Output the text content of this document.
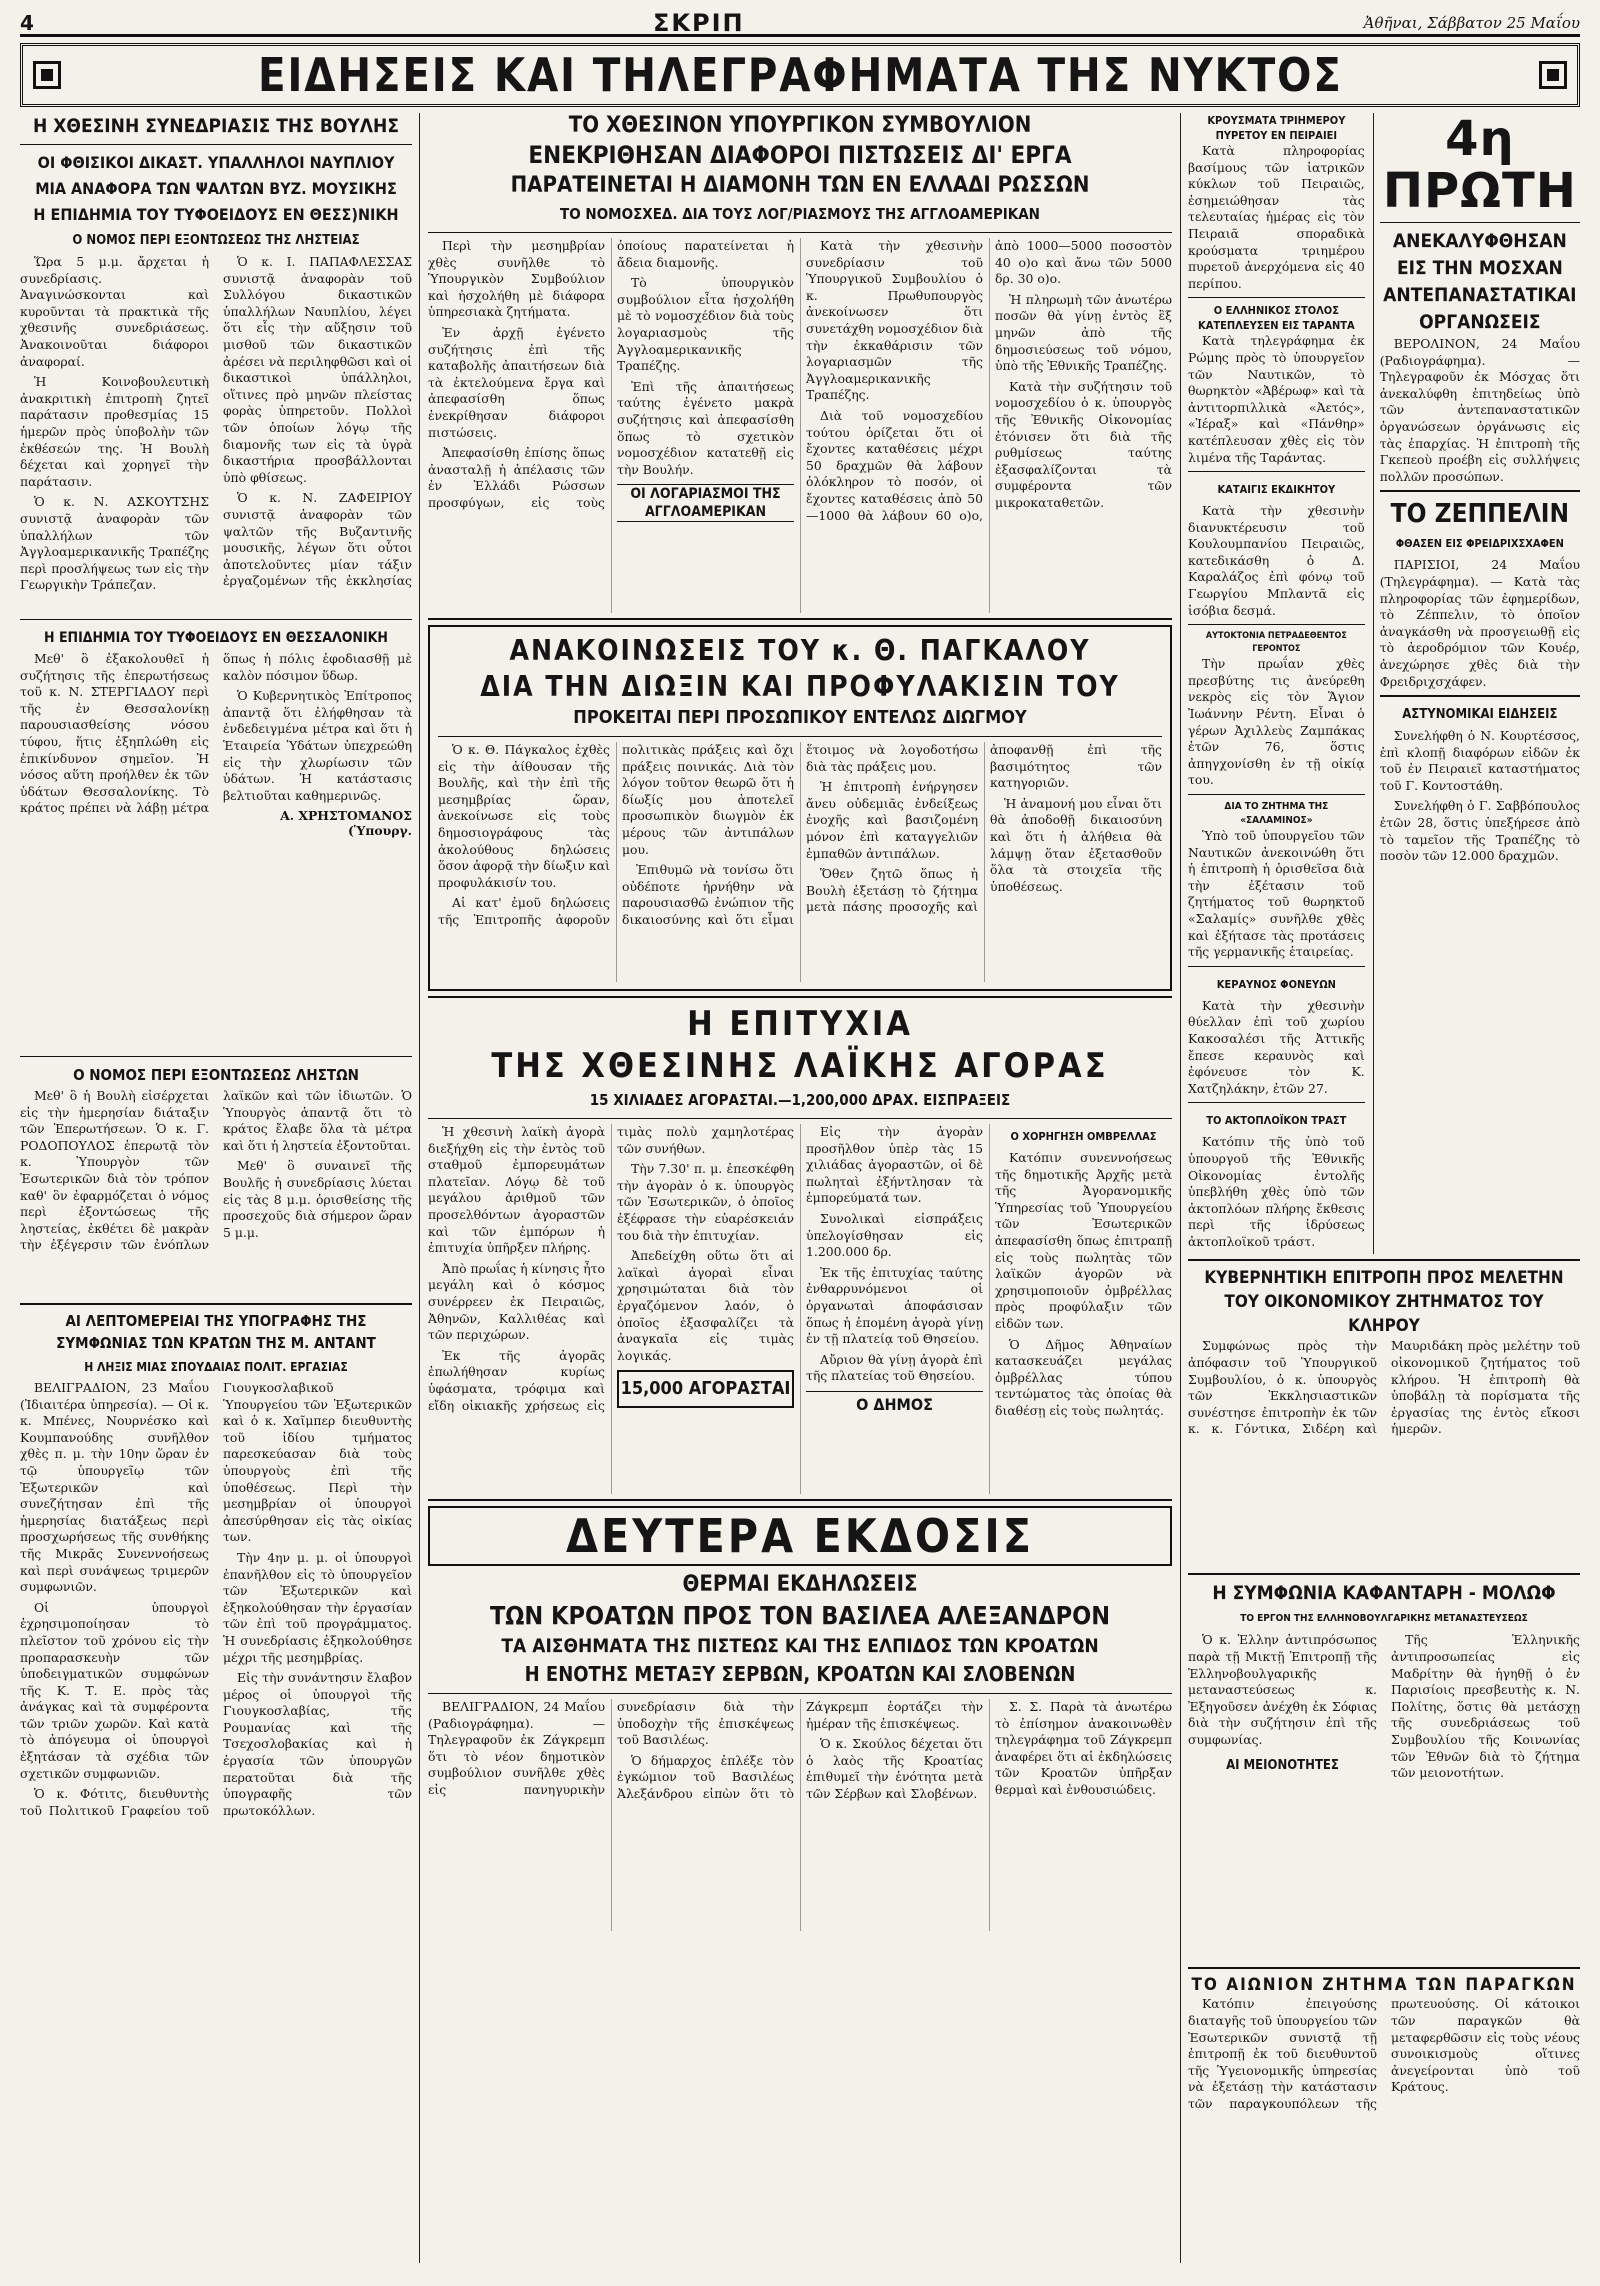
4	ΣΚΡΙΠ	Ἀθῆναι, Σάββατον 25 Μαΐου
ΕΙΔΗΣΕΙΣ ΚΑΙ ΤΗΛΕΓΡΑΦΗΜΑΤΑ ΤΗΣ ΝΥΚΤΟΣ
Η ΧΘΕΣΙΝΗ ΣΥΝΕΔΡΙΑΣΙΣ ΤΗΣ ΒΟΥΛΗΣ
ΟΙ ΦΘΙΣΙΚΟΙ ΔΙΚΑΣΤ. ΥΠΑΛΛΗΛΟΙ ΝΑΥΠΛΙΟΥ
ΜΙΑ ΑΝΑΦΟΡΑ ΤΩΝ ΨΑΛΤΩΝ ΒΥΖ. ΜΟΥΣΙΚΗΣ
Η ΕΠΙΔΗΜΙΑ ΤΟΥ ΤΥΦΟΕΙΔΟΥΣ ΕΝ ΘΕΣΣ)ΝΙΚΗ
Ο ΝΟΜΟΣ ΠΕΡΙ ΕΞΟΝΤΩΣΕΩΣ ΤΗΣ ΛΗΣΤΕΙΑΣ

Ὥρα 5 μ.μ. ἄρχεται ἡ συνεδρίασις. Ἀναγινώσκονται καὶ κυροῦνται τὰ πρακτικὰ τῆς χθεσινῆς συνεδριάσεως. Ἀνακοινοῦται διάφοροι ἀναφοραί.

Ἡ Κοινοβουλευτικὴ ἀνακριτικὴ ἐπιτροπὴ ζητεῖ παράτασιν προθεσμίας 15 ἡμερῶν πρὸς ὑποβολὴν τῶν ἐκθέσεών της. Ἡ Βουλὴ δέχεται καὶ χορηγεῖ τὴν παράτασιν.

Ὁ κ. Ν. ΑΣΚΟΥΤΣΗΣ συνιστᾷ ἀναφορὰν τῶν ὑπαλλήλων τῶν Ἀγγλοαμερικανικῆς Τραπέζης περὶ προσλήψεως των εἰς τὴν Γεωργικὴν Τράπεζαν.

Ὁ κ. Ι. ΠΑΠΑΦΛΕΣΣΑΣ συνιστᾷ ἀναφορὰν τοῦ Συλλόγου δικαστικῶν ὑπαλλήλων Ναυπλίου, λέγει ὅτι εἷς τὴν αὔξησιν τοῦ μισθοῦ τῶν δικαστικῶν ἀρέσει νὰ περιληφθῶσι καὶ οἱ δικαστικοὶ ὑπάλληλοι, οἵτινες πρὸ μηνῶν πλείστας φορὰς ὑπηρετοῦν. Πολλοὶ τῶν ὁποίων λόγῳ τῆς διαμονῆς των εἰς τὰ ὑγρὰ δικαστήρια προσβάλλονται ὑπὸ φθίσεως.

Ὁ κ. Ν. ΖΑΦΕΙΡΙΟΥ συνιστᾷ ἀναφορὰν τῶν ψαλτῶν τῆς Βυζαντινῆς μουσικῆς, λέγων ὅτι οὗτοι ἀποτελοῦντες μίαν τάξιν ἐργαζομένων τῆς ἐκκλησίας

Η ΕΠΙΔΗΜΙΑ ΤΟΥ ΤΥΦΟΕΙΔΟΥΣ ΕΝ ΘΕΣΣΑΛΟΝΙΚΗ

Μεθ' ὃ ἐξακολουθεῖ ἡ συζήτησις τῆς ἐπερωτήσεως τοῦ κ. Ν. ΣΤΕΡΓΙΑΔΟΥ περὶ τῆς ἐν Θεσσαλονίκῃ παρουσιασθείσης νόσου τύφου, ἥτις ἐξηπλώθη εἰς ἐπικίνδυνον σημεῖον. Ἡ νόσος αὕτη προήλθεν ἐκ τῶν ὑδάτων Θεσσαλονίκης. Τὸ κράτος πρέπει νὰ λάβῃ μέτρα ὅπως ἡ πόλις ἐφοδιασθῇ μὲ καλὸν πόσιμον ὕδωρ.

Ὁ Κυβερνητικὸς Ἐπίτροπος ἀπαντᾷ ὅτι ἐλήφθησαν τὰ ἐνδεδειγμένα μέτρα καὶ ὅτι ἡ Ἑταιρεία Ὑδάτων ὑπεχρεώθη εἰς τὴν χλωρίωσιν τῶν ὑδάτων. Ἡ κατάστασις βελτιοῦται καθημερινῶς.

Α. ΧΡΗΣΤΟΜΑΝΟΣ (Ὑπουργ.

Ο ΝΟΜΟΣ ΠΕΡΙ ΕΞΟΝΤΩΣΕΩΣ ΛΗΣΤΩΝ

Μεθ' ὃ ἡ Βουλὴ εἰσέρχεται εἰς τὴν ἡμερησίαν διάταξιν τῶν Ἐπερωτήσεων. Ὁ κ. Γ. ΡΟΔΟΠΟΥΛΟΣ ἐπερωτᾷ τὸν κ. Ὑπουργὸν τῶν Ἐσωτερικῶν διὰ τὸν τρόπον καθ' ὃν ἐφαρμόζεται ὁ νόμος περὶ ἐξοντώσεως τῆς ληστείας, ἐκθέτει δὲ μακρὰν τὴν ἐξέγερσιν τῶν ἐνόπλων λαϊκῶν καὶ τῶν ἰδιωτῶν. Ὁ Ὑπουργὸς ἀπαντᾷ ὅτι τὸ κράτος ἔλαβε ὅλα τὰ μέτρα καὶ ὅτι ἡ ληστεία ἐξοντοῦται.

Μεθ' ὃ συναινεῖ τῆς Βουλῆς ἡ συνεδρίασις λύεται εἰς τὰς 8 μ.μ. ὁρισθείσης τῆς προσεχοῦς διὰ σήμερον ὥραν 5 μ.μ.

ΑΙ ΛΕΠΤΟΜΕΡΕΙΑΙ ΤΗΣ ΥΠΟΓΡΑΦΗΣ ΤΗΣ ΣΥΜΦΩΝΙΑΣ ΤΩΝ ΚΡΑΤΩΝ ΤΗΣ Μ. ΑΝΤΑΝΤ
Η ΛΗΞΙΣ ΜΙΑΣ ΣΠΟΥΔΑΙΑΣ ΠΟΛΙΤ. ΕΡΓΑΣΙΑΣ

ΒΕΛΙΓΡΑΔΙΟΝ, 23 Μαΐου (Ἰδιαιτέρα ὑπηρεσία). — Οἱ κ. κ. Μπένες, Νουρνέσκο καὶ Κουμπανούδης συνῆλθον χθὲς π. μ. τὴν 10ην ὥραν ἐν τῷ ὑπουργεῖῳ τῶν Ἐξωτερικῶν καὶ συνεζήτησαν ἐπὶ τῆς ἡμερησίας διατάξεως περὶ προσχωρήσεως τῆς συνθήκης τῆς Μικρᾶς Συνεννοήσεως καὶ περὶ συνάψεως τριμερῶν συμφωνιῶν.

Οἱ ὑπουργοὶ ἐχρησιμοποίησαν τὸ πλεῖστον τοῦ χρόνου εἰς τὴν προπαρασκευὴν τῶν ὑποδειγματικῶν συμφώνων τῆς Κ. Τ. Ε. πρὸς τὰς ἀνάγκας καὶ τὰ συμφέροντα τῶν τριῶν χωρῶν. Καὶ κατὰ τὸ ἀπόγευμα οἱ ὑπουργοὶ ἐξητάσαν τὰ σχέδια τῶν σχετικῶν συμφωνιῶν.

Ὁ κ. Φότιτς, διευθυντὴς τοῦ Πολιτικοῦ Γραφείου τοῦ Γιουγκοσλαβικοῦ Ὑπουργείου τῶν Ἐξωτερικῶν καὶ ὁ κ. Χαῖμπερ διευθυντὴς τοῦ ἰδίου τμήματος παρεσκεύασαν διὰ τοὺς ὑπουργοὺς ἐπὶ τῆς ὑποθέσεως. Περὶ τὴν μεσημβρίαν οἱ ὑπουργοὶ ἀπεσύρθησαν εἰς τὰς οἰκίας των.

Τὴν 4ην μ. μ. οἱ ὑπουργοὶ ἐπανῆλθον εἰς τὸ ὑπουργεῖον τῶν Ἐξωτερικῶν καὶ ἐξηκολούθησαν τὴν ἐργασίαν τῶν ἐπὶ τοῦ προγράμματος. Ἡ συνεδρίασις ἐξηκολούθησε μέχρι τῆς μεσημβρίας.

Εἰς τὴν συνάντησιν ἔλαβον μέρος οἱ ὑπουργοὶ τῆς Γιουγκοσλαβίας, τῆς Ρουμανίας καὶ τῆς Τσεχοσλοβακίας καὶ ἡ ἐργασία τῶν ὑπουργῶν περατοῦται διὰ τῆς ὑπογραφῆς τῶν πρωτοκόλλων.

ΤΟ ΧΘΕΣΙΝΟΝ ΥΠΟΥΡΓΙΚΟΝ ΣΥΜΒΟΥΛΙΟΝ
ΕΝΕΚΡΙΘΗΣΑΝ ΔΙΑΦΟΡΟΙ ΠΙΣΤΩΣΕΙΣ ΔΙ' ΕΡΓΑ
ΠΑΡΑΤΕΙΝΕΤΑΙ Η ΔΙΑΜΟΝΗ ΤΩΝ ΕΝ ΕΛΛΑΔΙ ΡΩΣΣΩΝ
ΤΟ ΝΟΜΟΣΧΕΔ. ΔΙΑ ΤΟΥΣ ΛΟΓ/ΡΙΑΣΜΟΥΣ ΤΗΣ ΑΓΓΛΟΑΜΕΡΙΚΑΝ

Περὶ τὴν μεσημβρίαν χθὲς συνῆλθε τὸ Ὑπουργικὸν Συμβούλιον καὶ ἠσχολήθη μὲ διάφορα ὑπηρεσιακὰ ζητήματα.

Ἐν ἀρχῇ ἐγένετο συζήτησις ἐπὶ τῆς καταβολῆς ἀπαιτήσεων διὰ τὰ ἐκτελούμενα ἔργα καὶ ἀπεφασίσθη ὅπως ἐνεκρίθησαν διάφοροι πιστώσεις.

Ἀπεφασίσθη ἐπίσης ὅπως ἀνασταλῇ ἡ ἀπέλασις τῶν ἐν Ἑλλάδι Ρώσσων προσφύγων, εἰς τοὺς ὁποίους παρατείνεται ἡ ἄδεια διαμονῆς.

Τὸ ὑπουργικὸν συμβούλιον εἶτα ἠσχολήθη μὲ τὸ νομοσχέδιον διὰ τοὺς λογαριασμοὺς τῆς Ἀγγλοαμερικανικῆς Τραπέζης.

Ἐπὶ τῆς ἀπαιτήσεως ταύτης ἐγένετο μακρὰ συζήτησις καὶ ἀπεφασίσθη ὅπως τὸ σχετικὸν νομοσχέδιον κατατεθῇ εἰς τὴν Βουλήν.

ΟΙ ΛΟΓΑΡΙΑΣΜΟΙ ΤΗΣ ΑΓΓΛΟΑΜΕΡΙΚΑΝ

Κατὰ τὴν χθεσινὴν συνεδρίασιν τοῦ Ὑπουργικοῦ Συμβουλίου ὁ κ. Πρωθυπουργὸς ἀνεκοίνωσεν ὅτι συνετάχθη νομοσχέδιον διὰ τὴν ἐκκαθάρισιν τῶν λογαριασμῶν τῆς Ἀγγλοαμερικανικῆς Τραπέζης.

Διὰ τοῦ νομοσχεδίου τούτου ὁρίζεται ὅτι οἱ ἔχοντες καταθέσεις μέχρι 50 δραχμῶν θὰ λάβουν ὁλόκληρον τὸ ποσόν, οἱ ἔχοντες καταθέσεις ἀπὸ 50—1000 θὰ λάβουν 60 ο)ο, ἀπὸ 1000—5000 ποσοστὸν 40 ο)ο καὶ ἄνω τῶν 5000 δρ. 30 ο)ο.

Ἡ πληρωμὴ τῶν ἀνωτέρω ποσῶν θὰ γίνῃ ἐντὸς ἓξ μηνῶν ἀπὸ τῆς δημοσιεύσεως τοῦ νόμου, ὑπὸ τῆς Ἐθνικῆς Τραπέζης.

Κατὰ τὴν συζήτησιν τοῦ νομοσχεδίου ὁ κ. ὑπουργὸς τῆς Ἐθνικῆς Οἰκονομίας ἐτόνισεν ὅτι διὰ τῆς ρυθμίσεως ταύτης ἐξασφαλίζονται τὰ συμφέροντα τῶν μικροκαταθετῶν.

ΑΝΑΚΟΙΝΩΣΕΙΣ ΤΟΥ κ. Θ. ΠΑΓΚΑΛΟΥ
ΔΙΑ ΤΗΝ ΔΙΩΞΙΝ ΚΑΙ ΠΡΟΦΥΛΑΚΙΣΙΝ ΤΟΥ
ΠΡΟΚΕΙΤΑΙ ΠΕΡΙ ΠΡΟΣΩΠΙΚΟΥ ΕΝΤΕΛΩΣ ΔΙΩΓΜΟΥ

Ὁ κ. Θ. Πάγκαλος ἐχθὲς εἰς τὴν ἀίθουσαν τῆς Βουλῆς, καὶ τὴν ἐπὶ τῆς μεσημβρίας ὥραν, ἀνεκοίνωσε εἰς τοὺς δημοσιογράφους τὰς ἀκολούθους δηλώσεις ὅσον ἀφορᾷ τὴν δίωξιν καὶ προφυλάκισίν του.

Αἱ κατ' ἐμοῦ δηλώσεις τῆς Ἐπιτροπῆς ἀφοροῦν πολιτικὰς πράξεις καὶ ὄχι πράξεις ποινικάς. Διὰ τὸν λόγον τοῦτον θεωρῶ ὅτι ἡ δίωξίς μου ἀποτελεῖ προσωπικὸν διωγμὸν ἐκ μέρους τῶν ἀντιπάλων μου.

Ἐπιθυμῶ νὰ τονίσω ὅτι οὐδέποτε ἠρνήθην νὰ παρουσιασθῶ ἐνώπιον τῆς δικαιοσύνης καὶ ὅτι εἶμαι ἕτοιμος νὰ λογοδοτήσω διὰ τὰς πράξεις μου.

Ἡ ἐπιτροπὴ ἐνήργησεν ἄνευ οὐδεμιᾶς ἐνδείξεως ἐνοχῆς καὶ βασιζομένη μόνον ἐπὶ καταγγελιῶν ἐμπαθῶν ἀντιπάλων.

Ὅθεν ζητῶ ὅπως ἡ Βουλὴ ἐξετάσῃ τὸ ζήτημα μετὰ πάσης προσοχῆς καὶ ἀποφανθῇ ἐπὶ τῆς βασιμότητος τῶν κατηγοριῶν.

Ἡ ἀναμονή μου εἶναι ὅτι θὰ ἀποδοθῇ δικαιοσύνη καὶ ὅτι ἡ ἀλήθεια θὰ λάμψῃ ὅταν ἐξετασθοῦν ὅλα τὰ στοιχεῖα τῆς ὑποθέσεως.

Η ΕΠΙΤΥΧΙΑ
ΤΗΣ ΧΘΕΣΙΝΗΣ ΛΑΪΚΗΣ ΑΓΟΡΑΣ
15 ΧΙΛΙΑΔΕΣ ΑΓΟΡΑΣΤΑΙ.—1,200,000 ΔΡΑΧ. ΕΙΣΠΡΑΞΕΙΣ

Ἡ χθεσινὴ λαϊκὴ ἀγορὰ διεξήχθη εἰς τὴν ἐντὸς τοῦ σταθμοῦ ἐμπορευμάτων πλατεῖαν. Λόγῳ δὲ τοῦ μεγάλου ἀριθμοῦ τῶν προσελθόντων ἀγοραστῶν καὶ τῶν ἐμπόρων ἡ ἐπιτυχία ὑπῆρξεν πλήρης.

Ἀπὸ πρωΐας ἡ κίνησις ἦτο μεγάλη καὶ ὁ κόσμος συνέρρεεν ἐκ Πειραιῶς, Ἀθηνῶν, Καλλιθέας καὶ τῶν περιχώρων.

Ἐκ τῆς ἀγορᾶς ἐπωλήθησαν κυρίως ὑφάσματα, τρόφιμα καὶ εἴδη οἰκιακῆς χρήσεως εἰς τιμὰς πολὺ χαμηλοτέρας τῶν συνήθων.

Τὴν 7.30' π. μ. ἐπεσκέφθη τὴν ἀγορὰν ὁ κ. ὑπουργὸς τῶν Ἐσωτερικῶν, ὁ ὁποῖος ἐξέφρασε τὴν εὐαρέσκειάν του διὰ τὴν ἐπιτυχίαν.

Ἀπεδείχθη οὕτω ὅτι αἱ λαϊκαὶ ἀγοραὶ εἶναι χρησιμώταται διὰ τὸν ἐργαζόμενον λαόν, ὁ ὁποῖος ἐξασφαλίζει τὰ ἀναγκαῖα εἰς τιμὰς λογικάς.

15,000 ΑΓΟΡΑΣΤΑΙ

Εἰς τὴν ἀγορὰν προσῆλθον ὑπὲρ τὰς 15 χιλιάδας ἀγοραστῶν, οἱ δὲ πωληταὶ ἐξήντλησαν τὰ ἐμπορεύματά των.

Συνολικαὶ εἰσπράξεις ὑπελογίσθησαν εἰς 1.200.000 δρ.

Ἐκ τῆς ἐπιτυχίας ταύτης ἐνθαρρυνόμενοι οἱ ὀργανωταὶ ἀποφάσισαν ὅπως ἡ ἑπομένη ἀγορὰ γίνῃ ἐν τῇ πλατείᾳ τοῦ Θησείου.

Αὔριον θὰ γίνῃ ἀγορὰ ἐπὶ τῆς πλατείας τοῦ Θησείου.

Ο ΔΗΜΟΣ
Ο ΧΟΡΗΓΗΣΗ ΟΜΒΡΕΛΛΑΣ

Κατόπιν συνεννοήσεως τῆς δημοτικῆς Ἀρχῆς μετὰ τῆς Ἀγορανομικῆς Ὑπηρεσίας τοῦ Ὑπουργείου τῶν Ἐσωτερικῶν ἀπεφασίσθη ὅπως ἐπιτραπῇ εἰς τοὺς πωλητὰς τῶν λαϊκῶν ἀγορῶν νὰ χρησιμοποιοῦν ὀμβρέλλας πρὸς προφύλαξιν τῶν εἰδῶν των.

Ὁ Δῆμος Ἀθηναίων κατασκευάζει μεγάλας ὀμβρέλλας τύπου τεντώματος τὰς ὁποίας θὰ διαθέσῃ εἰς τοὺς πωλητάς.

ΔΕΥΤΕΡΑ ΕΚΔΟΣΙΣ
ΘΕΡΜΑΙ ΕΚΔΗΛΩΣΕΙΣ
ΤΩΝ ΚΡΟΑΤΩΝ ΠΡΟΣ ΤΟΝ ΒΑΣΙΛΕΑ ΑΛΕΞΑΝΔΡΟΝ
ΤΑ ΑΙΣΘΗΜΑΤΑ ΤΗΣ ΠΙΣΤΕΩΣ ΚΑΙ ΤΗΣ ΕΛΠΙΔΟΣ ΤΩΝ ΚΡΟΑΤΩΝ
Η ΕΝΟΤΗΣ ΜΕΤΑΞΥ ΣΕΡΒΩΝ, ΚΡΟΑΤΩΝ ΚΑΙ ΣΛΟΒΕΝΩΝ

ΒΕΛΙΓΡΑΔΙΟΝ, 24 Μαΐου (Ραδιογράφημα). — Τηλεγραφοῦν ἐκ Ζάγκρεμπ ὅτι τὸ νέον δημοτικὸν συμβούλιον συνῆλθε χθὲς εἰς πανηγυρικὴν συνεδρίασιν διὰ τὴν ὑποδοχὴν τῆς ἐπισκέψεως τοῦ Βασιλέως.

Ὁ δήμαρχος ἐπλέξε τὸν ἐγκώμιον τοῦ Βασιλέως Ἀλεξάνδρου εἰπὼν ὅτι τὸ Ζάγκρεμπ ἑορτάζει τὴν ἡμέραν τῆς ἐπισκέψεως.

Ὁ κ. Σκούλος δέχεται ὅτι ὁ λαὸς τῆς Κροατίας ἐπιθυμεῖ τὴν ἑνότητα μετὰ τῶν Σέρβων καὶ Σλοβένων.

Σ. Σ. Παρὰ τὰ ἀνωτέρω τὸ ἐπίσημον ἀνακοινωθὲν τηλεγράφημα τοῦ Ζάγκρεμπ ἀναφέρει ὅτι αἱ ἐκδηλώσεις τῶν Κροατῶν ὑπῆρξαν θερμαὶ καὶ ἐνθουσιώδεις.

ΚΡΟΥΣΜΑΤΑ ΤΡΙΗΜΕΡΟΥ ΠΥΡΕΤΟΥ ΕΝ ΠΕΙΡΑΙΕΙ

Κατὰ πληροφορίας βασίμους τῶν ἰατρικῶν κύκλων τοῦ Πειραιῶς, ἐσημειώθησαν τὰς τελευταίας ἡμέρας εἰς τὸν Πειραιᾶ σποραδικὰ κρούσματα τριημέρου πυρετοῦ ἀνερχόμενα εἰς 40 περίπου.

Ο ΕΛΛΗΝΙΚΟΣ ΣΤΟΛΟΣ ΚΑΤΕΠΛΕΥΣΕΝ ΕΙΣ ΤΑΡΑΝΤΑ

Κατὰ τηλεγράφημα ἐκ Ρώμης πρὸς τὸ ὑπουργεῖον τῶν Ναυτικῶν, τὸ θωρηκτὸν «Ἀβέρωφ» καὶ τὰ ἀντιτορπιλλικὰ «Ἀετός», «Ἱέραξ» καὶ «Πάνθηρ» κατέπλευσαν χθὲς εἰς τὸν λιμένα τῆς Ταράντας.

ΚΑΤΑΙΓΙΣ ΕΚΔΙΚΗΤΟΥ

Κατὰ τὴν χθεσινὴν διανυκτέρευσιν τοῦ Κουλουμπανίου Πειραιῶς, κατεδικάσθη ὁ Δ. Καραλάζος ἐπὶ φόνῳ τοῦ Γεωργίου Μπλαντᾶ εἰς ἰσόβια δεσμά.

ΑΥΤΟΚΤΟΝΙΑ ΠΕΤΡΑΔΕΘΕΝΤΟΣ ΓΕΡΟΝΤΟΣ

Τὴν πρωΐαν χθὲς πρεσβύτης τις ἀνεύρεθη νεκρὸς εἰς τὸν Ἅγιον Ἰωάννην Ρέντη. Εἶναι ὁ γέρων Ἀχιλλεὺς Ζαμπάκας ἐτῶν 76, ὅστις ἀπηγχονίσθη ἐν τῇ οἰκίᾳ του.

ΔΙΑ ΤΟ ΖΗΤΗΜΑ ΤΗΣ «ΣΑΛΑΜΙΝΟΣ»

Ὑπὸ τοῦ ὑπουργεῖου τῶν Ναυτικῶν ἀνεκοινώθη ὅτι ἡ ἐπιτροπὴ ἡ ὁρισθεῖσα διὰ τὴν ἐξέτασιν τοῦ ζητήματος τοῦ θωρηκτοῦ «Σαλαμίς» συνῆλθε χθὲς καὶ ἐξήτασε τὰς προτάσεις τῆς γερμανικῆς ἑταιρείας.

ΚΕΡΑΥΝΟΣ ΦΟΝΕΥΩΝ

Κατὰ τὴν χθεσινὴν θύελλαν ἐπὶ τοῦ χωρίου Κακοσαλέσι τῆς Ἀττικῆς ἔπεσε κεραυνὸς καὶ ἐφόνευσε τὸν Κ. Χατζηλάκην, ἐτῶν 27.

ΤΟ ΑΚΤΟΠΛΟΪΚΟΝ ΤΡΑΣΤ

Κατόπιν τῆς ὑπὸ τοῦ ὑπουργοῦ τῆς Ἐθνικῆς Οἰκονομίας ἐντολῆς ὑπεβλήθη χθὲς ὑπὸ τῶν ἀκτοπλόων πλήρης ἔκθεσις περὶ τῆς ἱδρύσεως ἀκτοπλοϊκοῦ τράστ.

4η ΠΡΩΤΗ
ΑΝΕΚΑΛΥΦΘΗΣΑΝ ΕΙΣ ΤΗΝ ΜΟΣΧΑΝ ΑΝΤΕΠΑΝΑΣΤΑΤΙΚΑΙ ΟΡΓΑΝΩΣΕΙΣ

ΒΕΡΟΛΙΝΟΝ, 24 Μαΐου (Ραδιογράφημα). — Τηλεγραφοῦν ἐκ Μόσχας ὅτι ἀνεκαλύφθη ἐπιτηδείως ὑπὸ τῶν ἀντεπαναστατικῶν ὀργανώσεων ὀργάνωσις εἰς τὰς ἐπαρχίας. Ἡ ἐπιτροπὴ τῆς Γκεπεοὺ προέβη εἰς συλλήψεις πολλῶν προσώπων.

ΤΟ ΖΕΠΠΕΛΙΝ
ΦΘΑΣΕΝ ΕΙΣ ΦΡΕΙΔΡΙΧΣΧΑΦΕΝ

ΠΑΡΙΣΙΟΙ, 24 Μαΐου (Τηλεγράφημα). — Κατὰ τὰς πληροφορίας τῶν ἐφημερίδων, τὸ Ζέππελιν, τὸ ὁποῖον ἀναγκάσθη νὰ προσγειωθῇ εἰς τὸ ἀεροδρόμιον τῶν Κουέρ, ἀνεχώρησε χθὲς διὰ τὴν Φρειδριχσχάφεν.

ΑΣΤΥΝΟΜΙΚΑΙ ΕΙΔΗΣΕΙΣ

Συνελήφθη ὁ Ν. Κουρτέσσος, ἐπὶ κλοπῇ διαφόρων εἰδῶν ἐκ τοῦ ἐν Πειραιεῖ καταστήματος τοῦ Γ. Κοντοστάθη.

Συνελήφθη ὁ Γ. Σαββόπουλος ἐτῶν 28, ὅστις ὑπεξήρεσε ἀπὸ τὸ ταμεῖον τῆς Τραπέζης τὸ ποσὸν τῶν 12.000 δραχμῶν.

ΚΥΒΕΡΝΗΤΙΚΗ ΕΠΙΤΡΟΠΗ ΠΡΟΣ ΜΕΛΕΤΗΝ ΤΟΥ ΟΙΚΟΝΟΜΙΚΟΥ ΖΗΤΗΜΑΤΟΣ ΤΟΥ ΚΛΗΡΟΥ

Συμφώνως πρὸς τὴν ἀπόφασιν τοῦ Ὑπουργικοῦ Συμβουλίου, ὁ κ. ὑπουργὸς τῶν Ἐκκλησιαστικῶν συνέστησε ἐπιτροπὴν ἐκ τῶν κ. κ. Γόντικα, Σιδέρη καὶ Μαυριδάκη πρὸς μελέτην τοῦ οἰκονομικοῦ ζητήματος τοῦ κλήρου. Ἡ ἐπιτροπὴ θὰ ὑποβάλῃ τὰ πορίσματα τῆς ἐργασίας της ἐντὸς εἴκοσι ἡμερῶν.

Η ΣΥΜΦΩΝΙΑ ΚΑΦΑΝΤΑΡΗ - ΜΟΛΩΦ
ΤΟ ΕΡΓΟΝ ΤΗΣ ΕΛΛΗΝΟΒΟΥΛΓΑΡΙΚΗΣ ΜΕΤΑΝΑΣΤΕΥΣΕΩΣ

Ὁ κ. Ἐλλην ἀντιπρόσωπος παρὰ τῇ Μικτῇ Ἐπιτροπῇ τῆς Ἑλληνοβουλγαρικῆς μεταναστεύσεως κ. Ἐξηγοῦσεν ἀνέχθη ἐκ Σόφιας διὰ τὴν συζήτησιν ἐπὶ τῆς συμφωνίας.

ΑΙ ΜΕΙΟΝΟΤΗΤΕΣ

Τῆς Ἑλληνικῆς ἀντιπροσωπείας εἰς Μαδρίτην θὰ ἡγηθῇ ὁ ἐν Παρισίοις πρεσβευτὴς κ. Ν. Πολίτης, ὅστις θὰ μετάσχῃ τῆς συνεδριάσεως τοῦ Συμβουλίου τῆς Κοινωνίας τῶν Ἐθνῶν διὰ τὸ ζήτημα τῶν μειονοτήτων.

ΤΟ ΑΙΩΝΙΟΝ ΖΗΤΗΜΑ ΤΩΝ ΠΑΡΑΓΚΩΝ

Κατόπιν ἐπειγούσης διαταγῆς τοῦ ὑπουργείου τῶν Ἐσωτερικῶν συνιστᾷ τῇ ἐπιτροπῇ ἐκ τοῦ διευθυντοῦ τῆς Ὑγειονομικῆς ὑπηρεσίας νὰ ἐξετάσῃ τὴν κατάστασιν τῶν παραγκουπόλεων τῆς πρωτευούσης. Οἱ κάτοικοι τῶν παραγκῶν θὰ μεταφερθῶσιν εἰς τοὺς νέους συνοικισμοὺς οἵτινες ἀνεγείρονται ὑπὸ τοῦ Κράτους.
